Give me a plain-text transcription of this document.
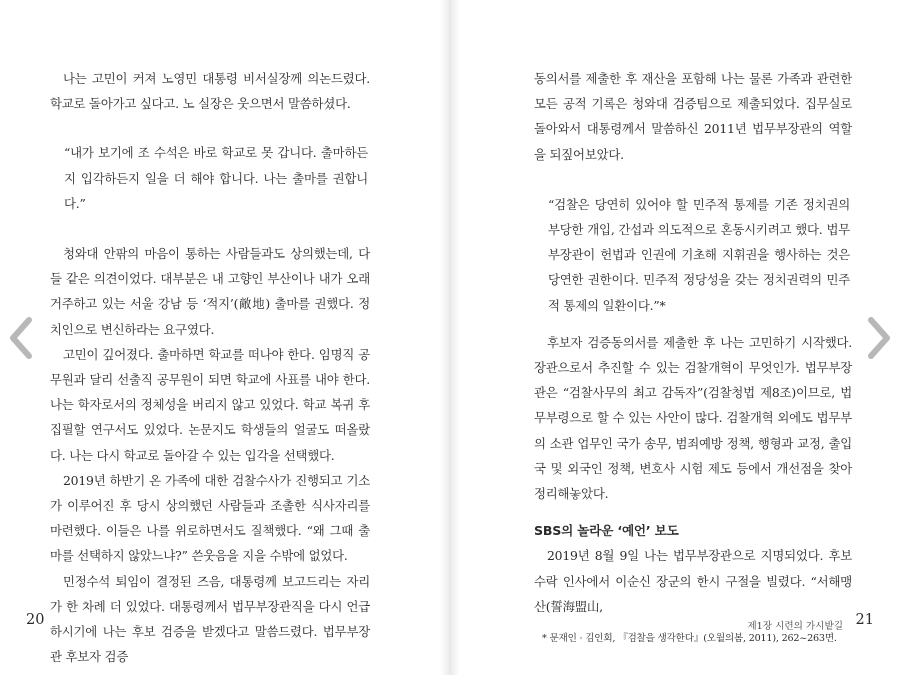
나는 고민이 커져 노영민 대통령 비서실장께 의논드렸다. 학교로 돌아가고 싶다고. 노 실장은 웃으면서 말씀하셨다.

“내가 보기에 조 수석은 바로 학교로 못 갑니다. 출마하든지 입각하든지 일을 더 해야 합니다. 나는 출마를 권합니다.”

청와대 안팎의 마음이 통하는 사람들과도 상의했는데, 다들 같은 의견이었다. 대부분은 내 고향인 부산이나 내가 오래 거주하고 있는 서울 강남 등 ‘적지’(敵地) 출마를 권했다. 정치인으로 변신하라는 요구였다.

고민이 깊어졌다. 출마하면 학교를 떠나야 한다. 임명직 공무원과 달리 선출직 공무원이 되면 학교에 사표를 내야 한다. 나는 학자로서의 정체성을 버리지 않고 있었다. 학교 복귀 후 집필할 연구서도 있었다. 논문지도 학생들의 얼굴도 떠올랐다. 나는 다시 학교로 돌아갈 수 있는 입각을 선택했다.

2019년 하반기 온 가족에 대한 검찰수사가 진행되고 기소가 이루어진 후 당시 상의했던 사람들과 조촐한 식사자리를 마련했다. 이들은 나를 위로하면서도 질책했다. “왜 그때 출마를 선택하지 않았느냐?” 쓴웃음을 지을 수밖에 없었다.

민정수석 퇴임이 결정된 즈음, 대통령께 보고드리는 자리가 한 차례 더 있었다. 대통령께서 법무부장관직을 다시 언급하시기에 나는 후보 검증을 받겠다고 말씀드렸다. 법무부장관 후보자 검증

20

동의서를 제출한 후 재산을 포함해 나는 물론 가족과 관련한 모든 공적 기록은 청와대 검증팀으로 제출되었다. 집무실로 돌아와서 대통령께서 말씀하신 2011년 법무부장관의 역할을 되짚어보았다.

“검찰은 당연히 있어야 할 민주적 통제를 기존 정치권의 부당한 개입, 간섭과 의도적으로 혼동시키려고 했다. 법무부장관이 헌법과 인권에 기초해 지휘권을 행사하는 것은 당연한 권한이다. 민주적 정당성을 갖는 정치권력의 민주적 통제의 일환이다.”*

후보자 검증동의서를 제출한 후 나는 고민하기 시작했다. 장관으로서 추진할 수 있는 검찰개혁이 무엇인가. 법무부장관은 “검찰사무의 최고 감독자”(검찰청법 제8조)이므로, 법무부령으로 할 수 있는 사안이 많다. 검찰개혁 외에도 법무부의 소관 업무인 국가 송무, 범죄예방 정책, 행형과 교정, 출입국 및 외국인 정책, 변호사 시험 제도 등에서 개선점을 찾아 정리해놓았다.

SBS의 놀라운 ‘예언’ 보도

2019년 8월 9일 나는 법무부장관으로 지명되었다. 후보 수락 인사에서 이순신 장군의 한시 구절을 빌렸다. “서해맹산(誓海盟山,

* 문재인 · 김인회, 『검찰을 생각한다』(오월의봄, 2011), 262~263면.

제1장 시련의 가시밭길 21
